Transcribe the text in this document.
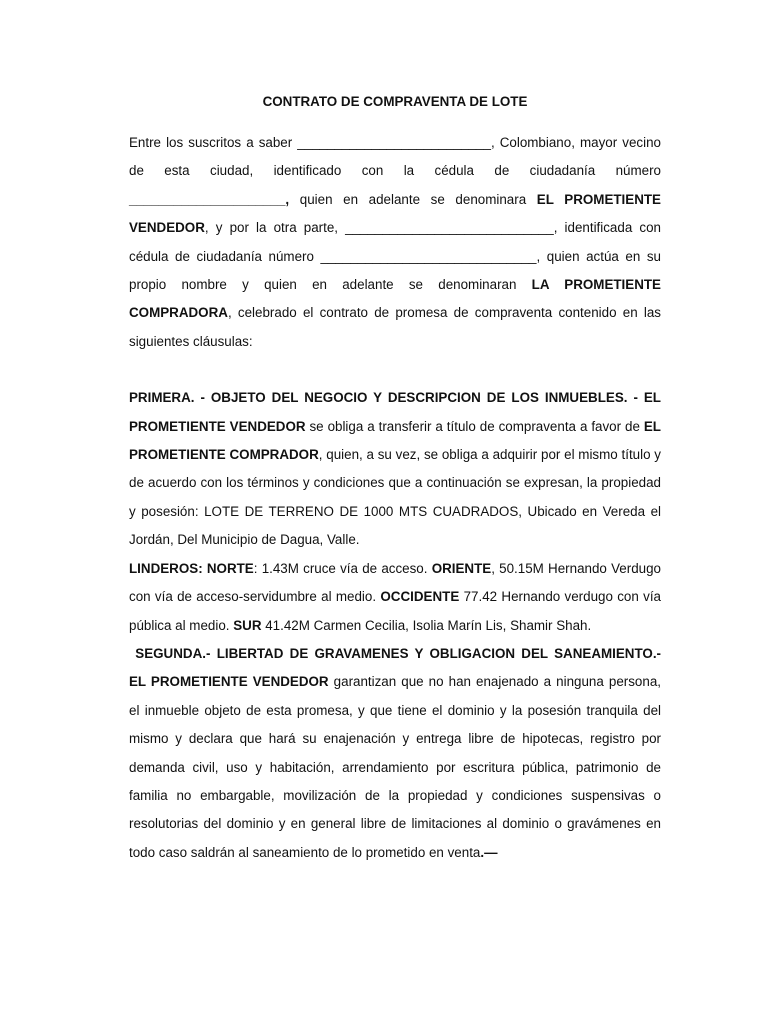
CONTRATO DE COMPRAVENTA DE LOTE

Entre los suscritos a saber __________________________, Colombiano, mayor vecino de esta ciudad, identificado con la cédula de ciudadanía número _____________________, quien en adelante se denominara EL PROMETIENTE VENDEDOR, y por la otra parte, ____________________________, identificada con cédula de ciudadanía número _____________________________, quien actúa en su propio nombre y quien en adelante se denominaran LA PROMETIENTE COMPRADORA, celebrado el contrato de promesa de compraventa contenido en las siguientes cláusulas:

PRIMERA. - OBJETO DEL NEGOCIO Y DESCRIPCION DE LOS INMUEBLES. - EL PROMETIENTE VENDEDOR se obliga a transferir a título de compraventa a favor de EL PROMETIENTE COMPRADOR, quien, a su vez, se obliga a adquirir por el mismo título y de acuerdo con los términos y condiciones que a continuación se expresan, la propiedad y posesión: LOTE DE TERRENO DE 1000 MTS CUADRADOS, Ubicado en Vereda el Jordán, Del Municipio de Dagua, Valle.

LINDEROS: NORTE: 1.43M cruce vía de acceso. ORIENTE, 50.15M Hernando Verdugo con vía de acceso-servidumbre al medio. OCCIDENTE 77.42 Hernando verdugo con vía pública al medio. SUR 41.42M Carmen Cecilia, Isolia Marín Lis, Shamir Shah.

SEGUNDA.- LIBERTAD DE GRAVAMENES Y OBLIGACION DEL SANEAMIENTO.- EL PROMETIENTE VENDEDOR garantizan que no han enajenado a ninguna persona, el inmueble objeto de esta promesa, y que tiene el dominio y la posesión tranquila del mismo y declara que hará su enajenación y entrega libre de hipotecas, registro por demanda civil, uso y habitación, arrendamiento por escritura pública, patrimonio de familia no embargable, movilización de la propiedad y condiciones suspensivas o resolutorias del dominio y en general libre de limitaciones al dominio o gravámenes en todo caso saldrán al saneamiento de lo prometido en venta.—
